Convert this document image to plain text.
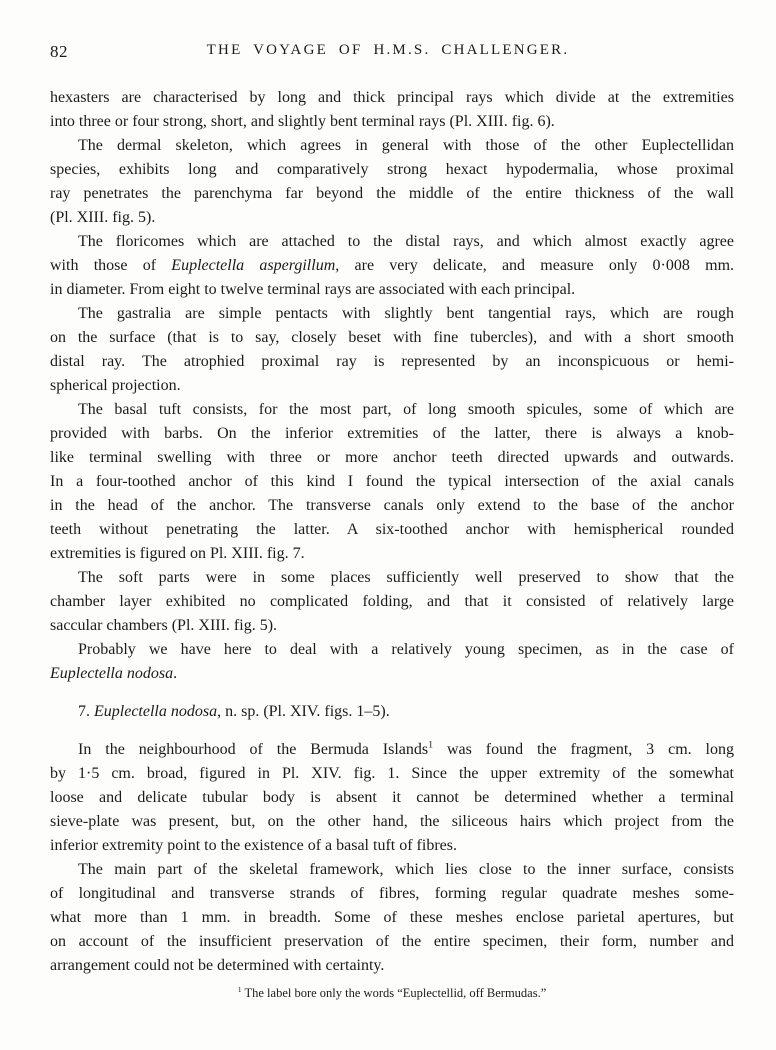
82	THE VOYAGE OF H.M.S. CHALLENGER.
hexasters are characterised by long and thick principal rays which divide at the extremities
into three or four strong, short, and slightly bent terminal rays (Pl. XIII. fig. 6).
The dermal skeleton, which agrees in general with those of the other Euplectellidan
species, exhibits long and comparatively strong hexact hypodermalia, whose proximal
ray penetrates the parenchyma far beyond the middle of the entire thickness of the wall
(Pl. XIII. fig. 5).
The floricomes which are attached to the distal rays, and which almost exactly agree
with those of Euplectella aspergillum, are very delicate, and measure only 0·008 mm.
in diameter. From eight to twelve terminal rays are associated with each principal.
The gastralia are simple pentacts with slightly bent tangential rays, which are rough
on the surface (that is to say, closely beset with fine tubercles), and with a short smooth
distal ray. The atrophied proximal ray is represented by an inconspicuous or hemi-
spherical projection.
The basal tuft consists, for the most part, of long smooth spicules, some of which are
provided with barbs. On the inferior extremities of the latter, there is always a knob-
like terminal swelling with three or more anchor teeth directed upwards and outwards.
In a four-toothed anchor of this kind I found the typical intersection of the axial canals
in the head of the anchor. The transverse canals only extend to the base of the anchor
teeth without penetrating the latter. A six-toothed anchor with hemispherical rounded
extremities is figured on Pl. XIII. fig. 7.
The soft parts were in some places sufficiently well preserved to show that the
chamber layer exhibited no complicated folding, and that it consisted of relatively large
saccular chambers (Pl. XIII. fig. 5).
Probably we have here to deal with a relatively young specimen, as in the case of
Euplectella nodosa.
7. Euplectella nodosa, n. sp. (Pl. XIV. figs. 1–5).
In the neighbourhood of the Bermuda Islands$^1$ was found the fragment, 3 cm. long
by 1·5 cm. broad, figured in Pl. XIV. fig. 1. Since the upper extremity of the somewhat
loose and delicate tubular body is absent it cannot be determined whether a terminal
sieve-plate was present, but, on the other hand, the siliceous hairs which project from the
inferior extremity point to the existence of a basal tuft of fibres.
The main part of the skeletal framework, which lies close to the inner surface, consists
of longitudinal and transverse strands of fibres, forming regular quadrate meshes some-
what more than 1 mm. in breadth. Some of these meshes enclose parietal apertures, but
on account of the insufficient preservation of the entire specimen, their form, number and
arrangement could not be determined with certainty.
$^1$ The label bore only the words “Euplectellid, off Bermudas.”
